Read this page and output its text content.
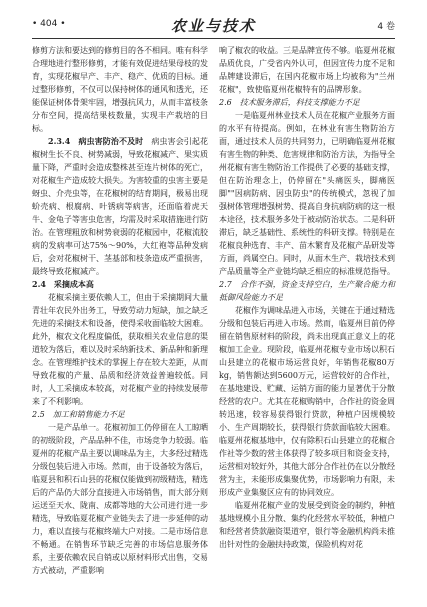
• 404 •	农业与技术	4 卷

修剪方法和要达到的修剪目的各不相同。唯有科学合理地进行整形修剪，才能有效促进结果母枝的发育，实现花椒早产、丰产、稳产、优质的目标。通过整形修剪，不仅可以保持树体的通风和透光，还能保证树体骨架牢固，增强抗风力，从而丰富枝条分布空间，提高结果枝数量，实现丰产栽培的目标。

2.3.4　病虫害防治不及时　 病虫害会引起花椒树生长不良、树势减弱，导致花椒减产、果实质量下降，严重时会造成整株甚至连片树体的死亡，对花椒生产造成较大损失。为害较重的虫害主要是蚜虫、介壳虫等，在花椒树的结育期间，极易出现蚧壳病、根腐病、叶锈病等病害，还面临着虎天牛、金龟子等害虫危害，均需及时采取措施进行防治。在管理粗放和树势衰弱的花椒园中，花椒流胶病的发病率可达75%～90%，大红袍等品种发病后，会对花椒树干、茎基部和枝条造成严重损害，最终导致花椒减产。

2.4　采摘成本高

花椒采摘主要依赖人工，但由于采摘期间大量青壮年农民外出务工，导致劳动力短缺，加之缺乏先进的采摘技术和设备，使得采收面临较大困难。此外，椒农文化程度偏低，获取相关农业信息的渠道较为落后，难以及时采纳新技术、新品种和新理念。在管理维护技术的掌握上存在较大差距，从而导致花椒的产量、品质和经济效益普遍较低。同时，人工采摘成本较高，对花椒产业的持续发展带来了不利影响。

2.5　加工和销售能力不足

一是产品单一。花椒初加工仍停留在人工晾晒的初级阶段，产品品种不佳，市场竞争力较弱。临夏州的花椒产品主要以调味品为主，大多经过精选分级包装后进入市场。然而，由于设备较为落后，临夏县和积石山县的花椒仅能做到初级精选，精选后的产品仍大部分直接进入市场销售，而大部分则运送至天水、陇南、成都等地的大公司进行进一步精选，导致临夏花椒产业链失去了进一步延伸的动力，难以直接与花椒终端大户对接。二是市场信息不畅通。在销售环节缺乏完善的市场信息服务体系，主要依赖农民自销或以原材料形式出售，交易方式被动，严重影响

响了椒农的收益。三是品牌宣传不够。临夏州花椒品质优良，广受省内外认可，但因宣传力度不足和品牌建设滞后，在国内花椒市场上均被称为"兰州花椒"，致使临夏州花椒特有的品牌形象。

2.6　技术服务滞后，科技支撑能力不足

一是临夏州林业技术人员在花椒产业服务方面的水平有待提高。例如，在林业有害生物防治方面，通过技术人员的共同努力，已明确临夏州花椒有害生物的种类、危害规律和防治方法，为指导全州花椒有害生物防治工作提供了必要的基础支撑，但在防治理念上，仍停留在"头痛医头，脚痛医脚""因病防病、因虫防虫"的传统模式，忽视了加强树体管理增强树势、提高自身抗病防病的这一根本途径，技术服务多处于被动防治状态。二是科研滞后，缺乏基础性、系统性的科研支撑。特别是在花椒良种选育、丰产、苗木繁育及花椒产品研发等方面，尚属空白。同时，从面木生产、栽培技术到产品质量等全产业链均缺乏相应的标准规范指导。

2.7　合作不强，资金支持空白，生产聚合能力和抵御风险能力不足

花椒作为调味品进入市场，关键在于通过精选分级和包装后再进入市场。然而，临夏州目前仍停留在销售原材料的阶段，尚未出现真正意义上的花椒加工企业。现阶段，临夏州花椒专业市场以积石山县建立的花椒市场运营良好，年销售花椒80万kg，销售额达到5600万元，运营较好的合作社，在基地建设、贮藏、运销方面的能力显著优于分散经营的农户。尤其在花椒购销中，合作社的资金周转迅速，较容易获得银行贷款，种植户因规模较小、生产周期较长，获得银行贷款面临较大困难。临夏州花椒基地中，仅有除积石山县建立的花椒合作社等少数的营主体获得了较多项目和资金支持，运营相对较好外，其他大部分合作社仍在以分散经营为主，未能形成集聚优势，市场影响力有限，未形成产业集聚区应有的协同效应。

临夏州花椒产业的发展受到资金的制约，种植基地规模小且分散、集约化经营水平较低，种植户和经营者贷款融资渠道窄，银行等金融机构尚未推出针对性的金融扶持政策，保险机构对花
